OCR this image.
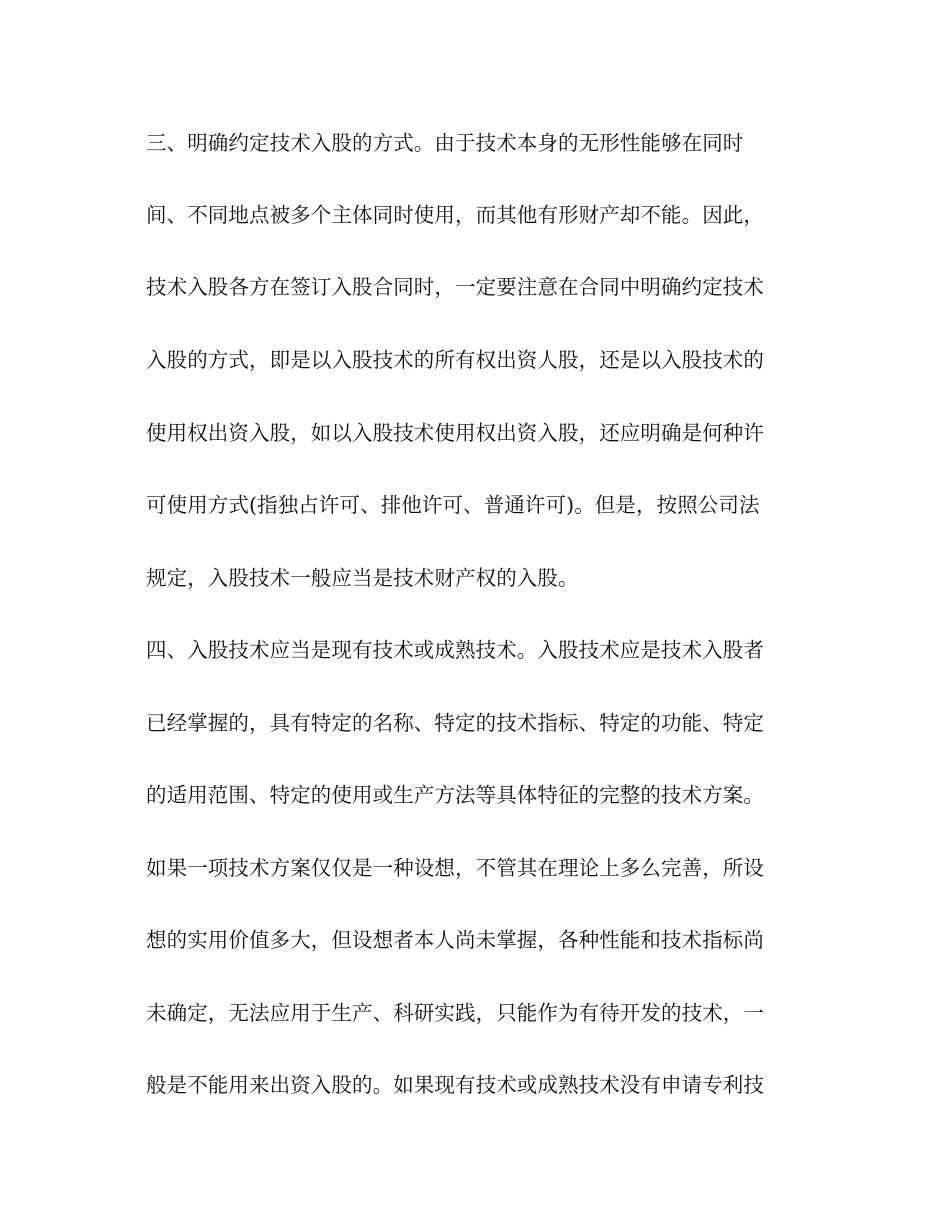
三、明确约定技术入股的方式。由于技术本身的无形性能够在同时
间、不同地点被多个主体同时使用，而其他有形财产却不能。因此，
技术入股各方在签订入股合同时，一定要注意在合同中明确约定技术
入股的方式，即是以入股技术的所有权出资人股，还是以入股技术的
使用权出资入股，如以入股技术使用权出资入股，还应明确是何种许
可使用方式(指独占许可、排他许可、普通许可)。但是，按照公司法
规定，入股技术一般应当是技术财产权的入股。
四、入股技术应当是现有技术或成熟技术。入股技术应是技术入股者
已经掌握的，具有特定的名称、特定的技术指标、特定的功能、特定
的适用范围、特定的使用或生产方法等具体特征的完整的技术方案。
如果一项技术方案仅仅是一种设想，不管其在理论上多么完善，所设
想的实用价值多大，但设想者本人尚未掌握，各种性能和技术指标尚
未确定，无法应用于生产、科研实践，只能作为有待开发的技术，一
般是不能用来出资入股的。如果现有技术或成熟技术没有申请专利技
